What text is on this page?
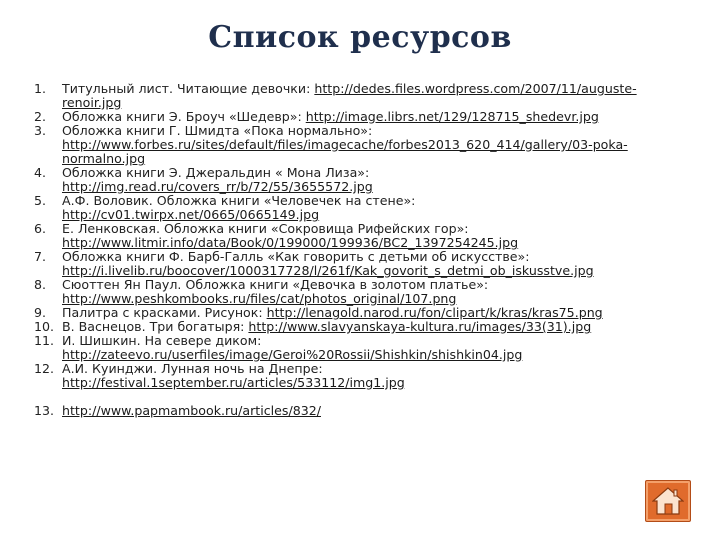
Список ресурсов
1.	Титульный лист. Читающие девочки: http://dedes.files.wordpress.com/2007/11/auguste-
renoir.jpg
2.	Обложка книги Э. Броуч «Шедевр»: http://image.librs.net/129/128715_shedevr.jpg
3.	Обложка книги Г. Шмидта «Пока нормально»:
http://www.forbes.ru/sites/default/files/imagecache/forbes2013_620_414/gallery/03-poka-
normalno.jpg
4.	Обложка книги Э. Джеральдин « Мона Лиза»:
http://img.read.ru/covers_rr/b/72/55/3655572.jpg
5.	А.Ф. Воловик. Обложка книги «Человечек на стене»:
http://cv01.twirpx.net/0665/0665149.jpg
6.	Е. Ленковская. Обложка книги «Сокровища Рифейских гор»:
http://www.litmir.info/data/Book/0/199000/199936/BC2_1397254245.jpg
7.	Обложка книги Ф. Барб-Галль «Как говорить с детьми об искусстве»:
http://i.livelib.ru/boocover/1000317728/l/261f/Kak_govorit_s_detmi_ob_iskusstve.jpg
8.	Сюоттен Ян Паул. Обложка книги «Девочка в золотом платье»:
http://www.peshkombooks.ru/files/cat/photos_original/107.png
9.	Палитра с красками. Рисунок: http://lenagold.narod.ru/fon/clipart/k/kras/kras75.png
10. В. Васнецов. Три богатыря: http://www.slavyanskaya-kultura.ru/images/33(31).jpg
11. И. Шишкин. На севере диком:
http://zateevo.ru/userfiles/image/Geroi%20Rossii/Shishkin/shishkin04.jpg
12. А.И. Куинджи. Лунная ночь на Днепре:
http://festival.1september.ru/articles/533112/img1.jpg
13. http://www.papmambook.ru/articles/832/
